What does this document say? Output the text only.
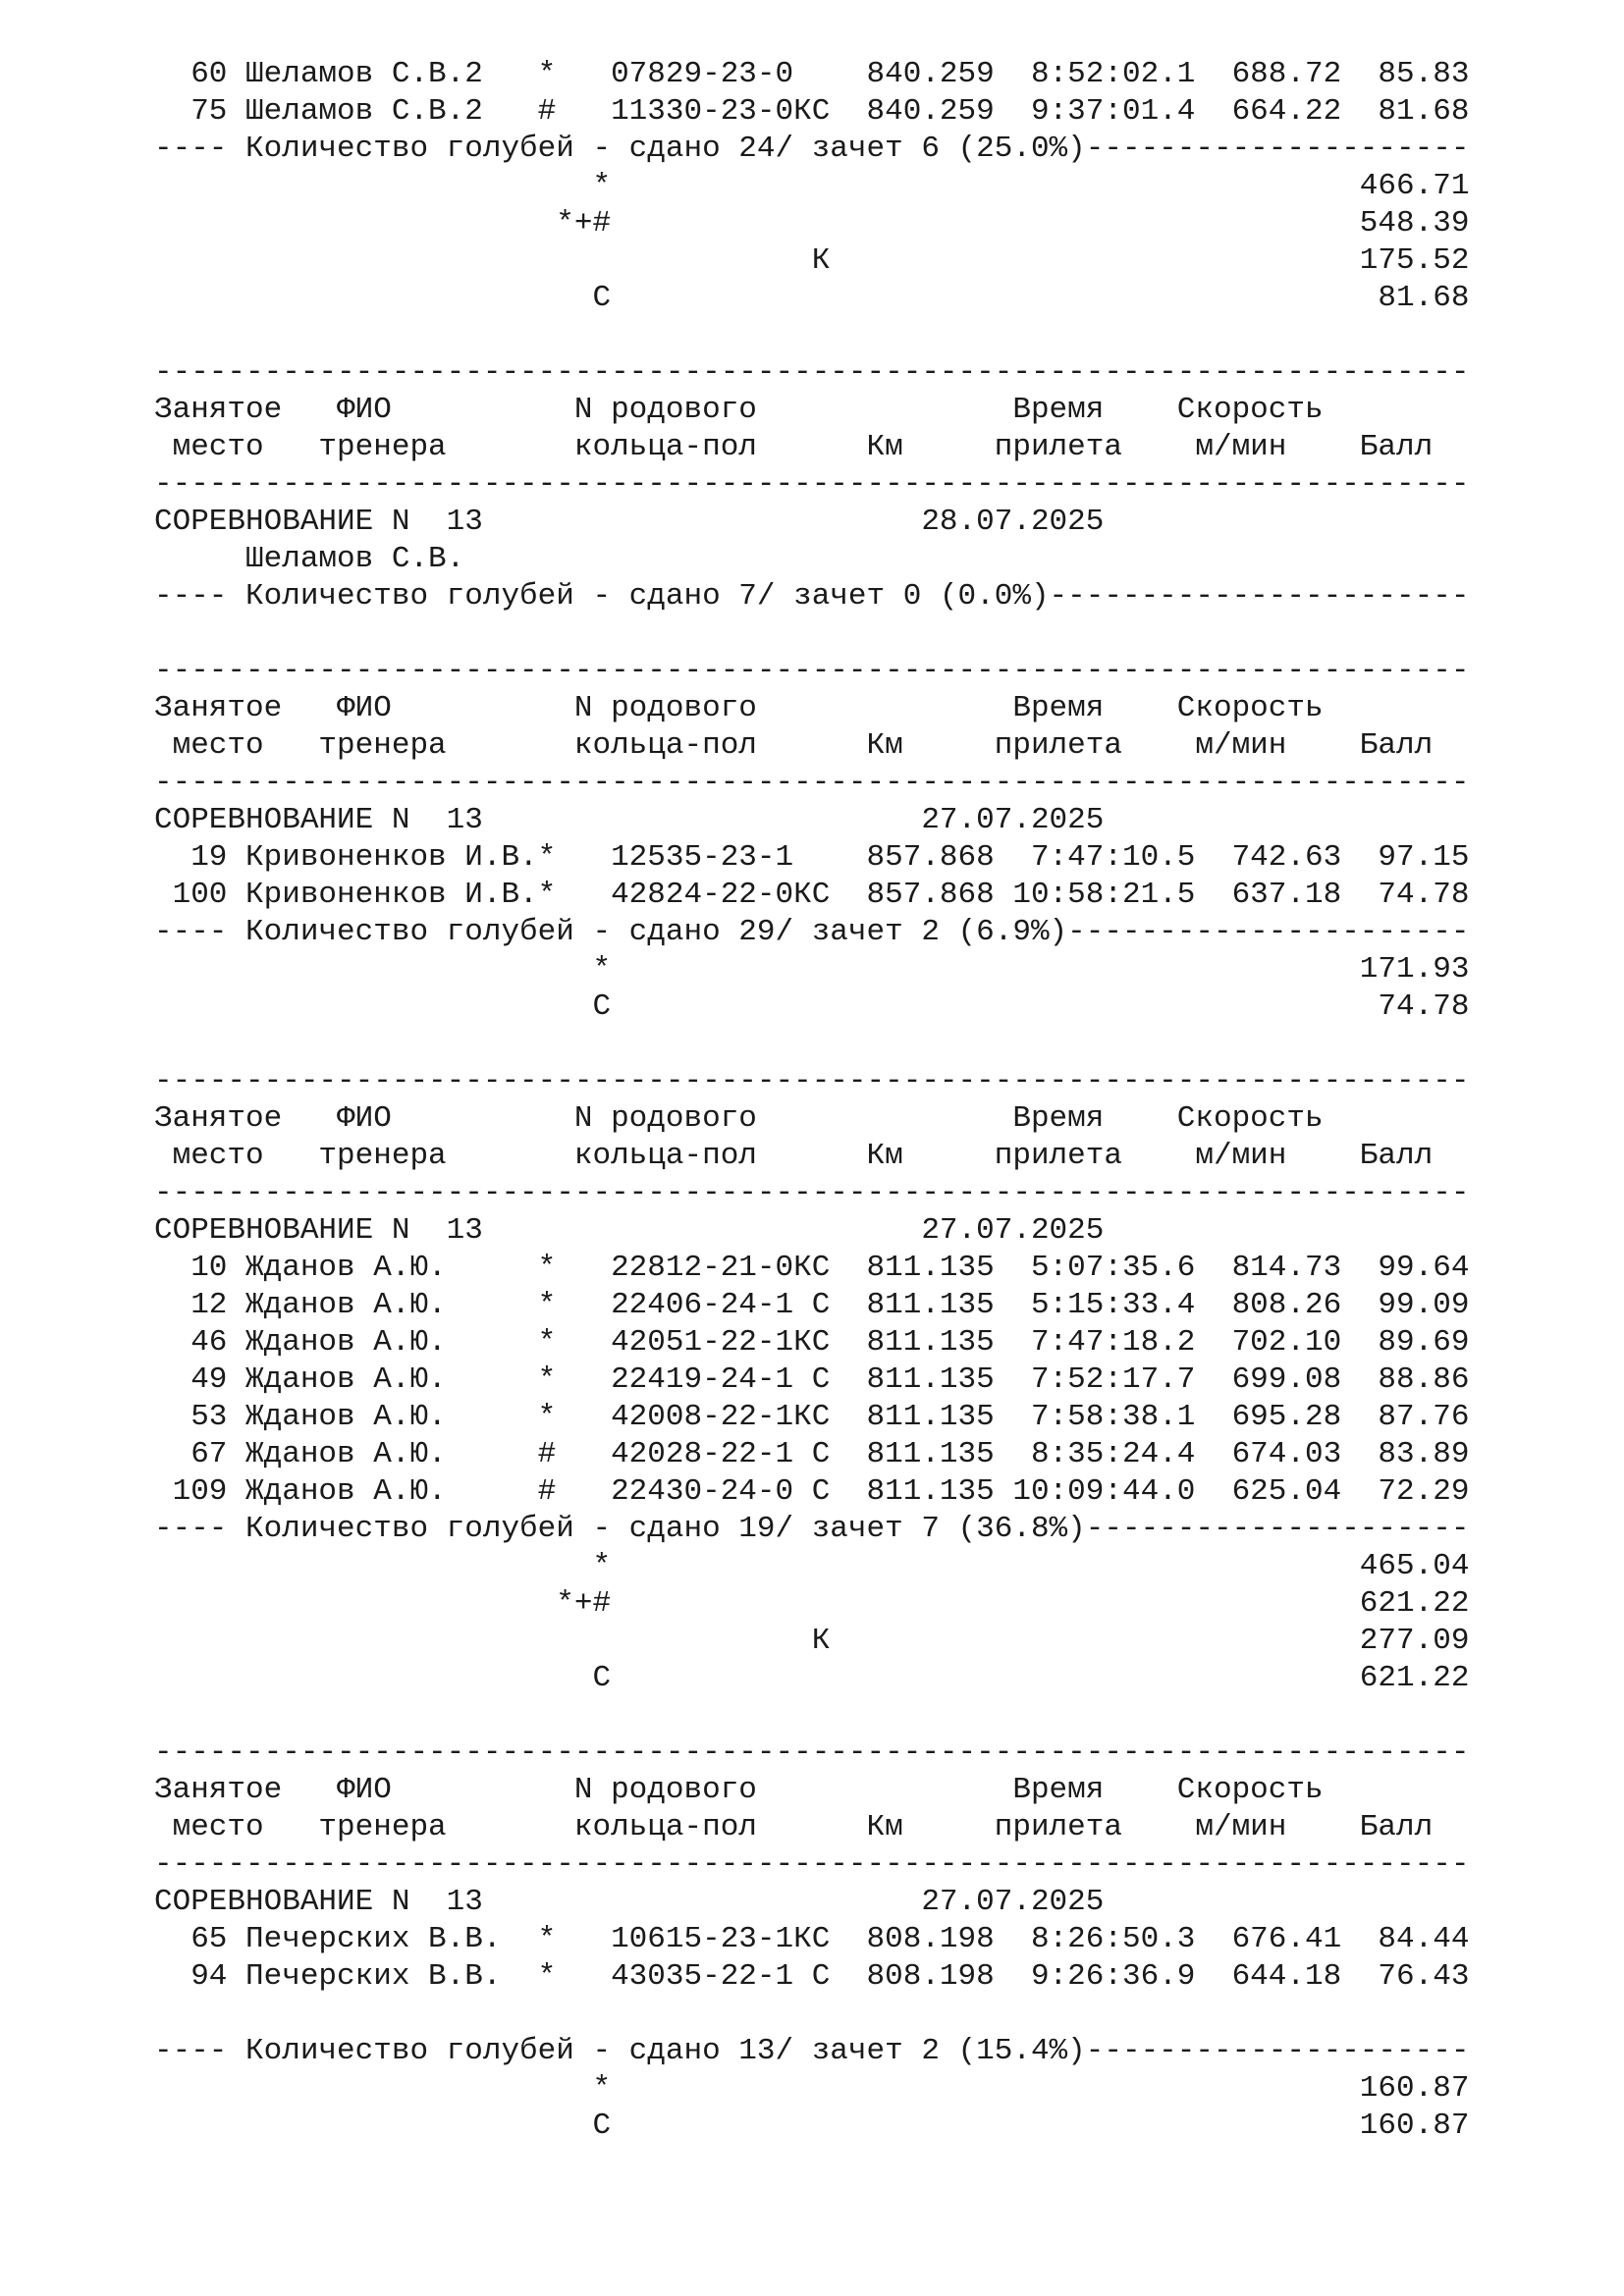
60 Шеламов С.В.2   *   07829-23-0    840.259  8:52:02.1  688.72  85.83
75 Шеламов С.В.2   #   11330-23-0КС  840.259  9:37:01.4  664.22  81.68
---- Количество голубей - сдано 24/ зачет 6 (25.0%)---------------------
*                                         466.71
*+#                                         548.39
К                             175.52
С                                          81.68
------------------------------------------------------------------------
Занятое   ФИО          N родового              Время    Скорость
место   тренера       кольца-пол      Км     прилета    м/мин    Балл
------------------------------------------------------------------------
СОРЕВНОВАНИЕ N  13                        28.07.2025
Шеламов С.В.
---- Количество голубей - сдано 7/ зачет 0 (0.0%)-----------------------
------------------------------------------------------------------------
Занятое   ФИО          N родового              Время    Скорость
место   тренера       кольца-пол      Км     прилета    м/мин    Балл
------------------------------------------------------------------------
СОРЕВНОВАНИЕ N  13                        27.07.2025
19 Кривоненков И.В.*   12535-23-1    857.868  7:47:10.5  742.63  97.15
100 Кривоненков И.В.*   42824-22-0КС  857.868 10:58:21.5  637.18  74.78
---- Количество голубей - сдано 29/ зачет 2 (6.9%)----------------------
*                                         171.93
С                                          74.78
------------------------------------------------------------------------
Занятое   ФИО          N родового              Время    Скорость
место   тренера       кольца-пол      Км     прилета    м/мин    Балл
------------------------------------------------------------------------
СОРЕВНОВАНИЕ N  13                        27.07.2025
10 Жданов А.Ю.     *   22812-21-0КС  811.135  5:07:35.6  814.73  99.64
12 Жданов А.Ю.     *   22406-24-1 С  811.135  5:15:33.4  808.26  99.09
46 Жданов А.Ю.     *   42051-22-1КС  811.135  7:47:18.2  702.10  89.69
49 Жданов А.Ю.     *   22419-24-1 С  811.135  7:52:17.7  699.08  88.86
53 Жданов А.Ю.     *   42008-22-1КС  811.135  7:58:38.1  695.28  87.76
67 Жданов А.Ю.     #   42028-22-1 С  811.135  8:35:24.4  674.03  83.89
109 Жданов А.Ю.     #   22430-24-0 С  811.135 10:09:44.0  625.04  72.29
---- Количество голубей - сдано 19/ зачет 7 (36.8%)---------------------
*                                         465.04
*+#                                         621.22
К                             277.09
С                                         621.22
------------------------------------------------------------------------
Занятое   ФИО          N родового              Время    Скорость
место   тренера       кольца-пол      Км     прилета    м/мин    Балл
------------------------------------------------------------------------
СОРЕВНОВАНИЕ N  13                        27.07.2025
65 Печерских В.В.  *   10615-23-1КС  808.198  8:26:50.3  676.41  84.44
94 Печерских В.В.  *   43035-22-1 С  808.198  9:26:36.9  644.18  76.43
---- Количество голубей - сдано 13/ зачет 2 (15.4%)---------------------
*                                         160.87
С                                         160.87
